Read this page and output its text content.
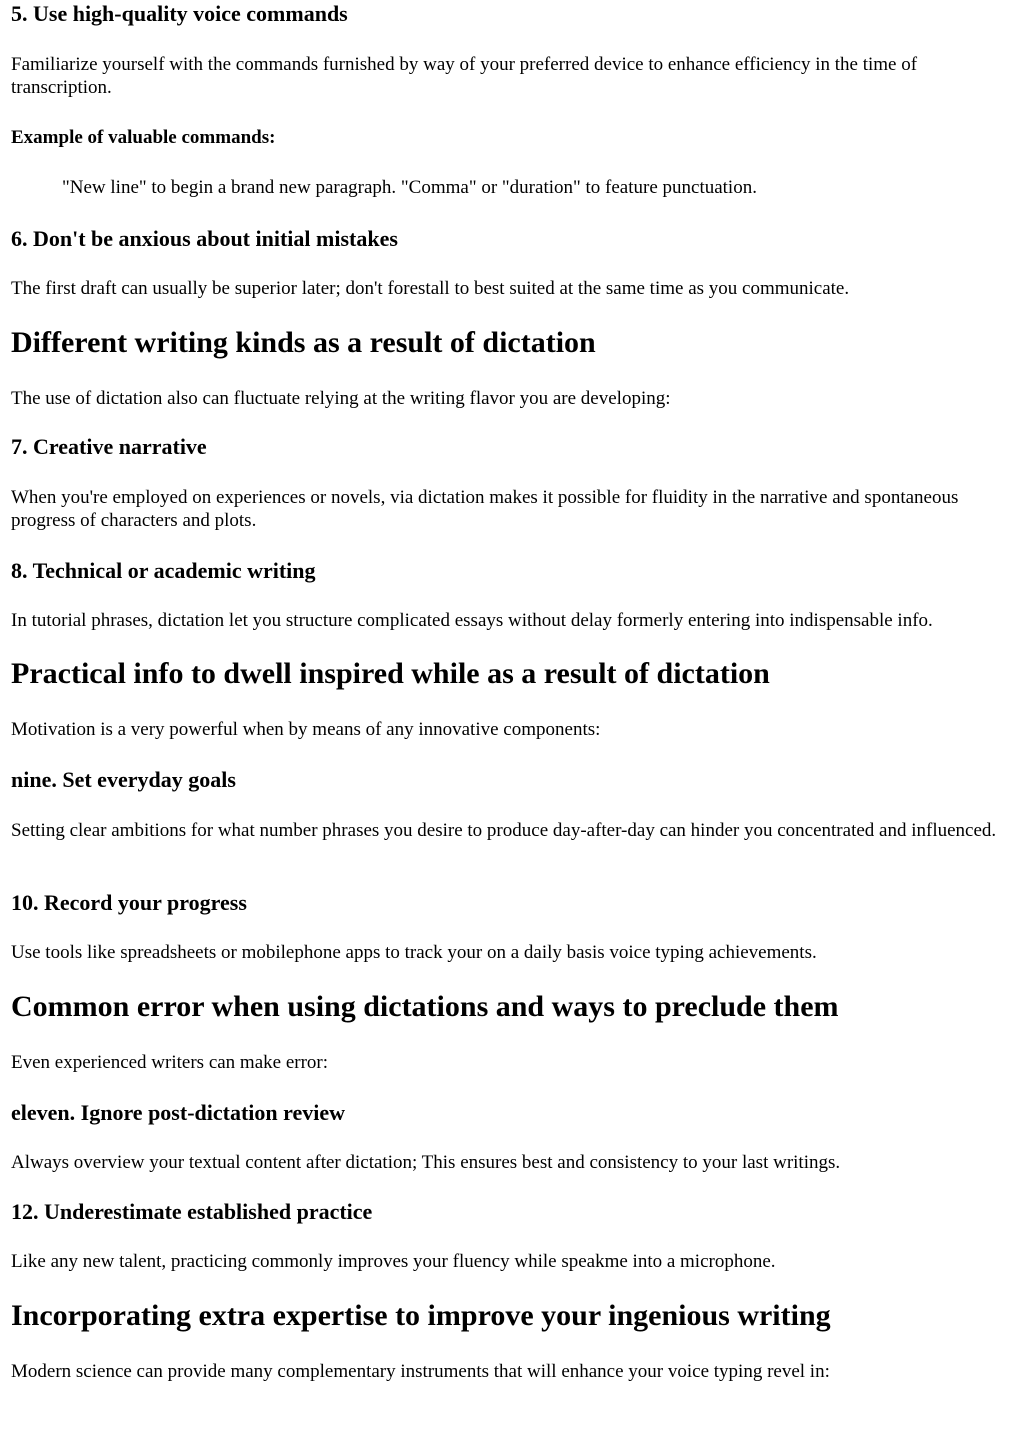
5. Use high-quality voice commands

Familiarize yourself with the commands furnished by way of your preferred device to enhance efficiency in the time of transcription.

Example of valuable commands:

"New line" to begin a brand new paragraph. "Comma" or "duration" to feature punctuation.

6. Don't be anxious about initial mistakes

The first draft can usually be superior later; don't forestall to best suited at the same time as you communicate.

Different writing kinds as a result of dictation

The use of dictation also can fluctuate relying at the writing flavor you are developing:

7. Creative narrative

When you're employed on experiences or novels, via dictation makes it possible for fluidity in the narrative and spontaneous progress of characters and plots.

8. Technical or academic writing

In tutorial phrases, dictation let you structure complicated essays without delay formerly entering into indispensable info.

Practical info to dwell inspired while as a result of dictation

Motivation is a very powerful when by means of any innovative components:

nine. Set everyday goals

Setting clear ambitions for what number phrases you desire to produce day-after-day can hinder you concentrated and influenced.

10. Record your progress

Use tools like spreadsheets or mobilephone apps to track your on a daily basis voice typing achievements.

Common error when using dictations and ways to preclude them

Even experienced writers can make error:

eleven. Ignore post-dictation review

Always overview your textual content after dictation; This ensures best and consistency to your last writings.

12. Underestimate established practice

Like any new talent, practicing commonly improves your fluency while speakme into a microphone.

Incorporating extra expertise to improve your ingenious writing

Modern science can provide many complementary instruments that will enhance your voice typing revel in:
